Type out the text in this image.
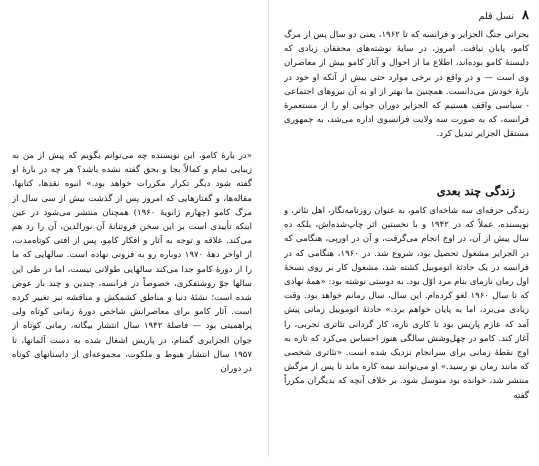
۸
نسل قلم

بحرانی جنگ الجزایر و فرانسه که تا ۱۹۶۲، یعنی دو سال پس از مرگ کامو، پایان نیافت. امروز، در سایهٔ نوشته‌های محققان زیادی که دلبستهٔ کامو بوده‌اند، اطلاع ما از احوال و آثار کامو بیش از معاصران وی است — و در واقع در برخی موارد حتی بیش از آنکه او خود در بارهٔ خودش می‌دانست. همچنین ما بهتر از او به آن نیروهای اجتماعی - سیاسی واقف هستیم که الجزایر دوران جوانی او را از مستعمرهٔ فرانسه، که به صورت سه ولایت فرانسوی اداره می‌شد، به جمهوری مستقل الجزایر تبدیل کرد.

زندگی چند بعدی

زندگی حرفه‌ای سه شاخه‌ای کامو، به عنوان روزنامه‌نگار، اهل تئاتر، و نویسنده، عملاً که در ۱۹۴۲ و با نخستین اثر چاپ‌شده‌اش، بلکه ده سال پیش از آن، در اوج انجام می‌گرفت، و آن در اورپی، هنگامی که در الجزایر مشغول تحصیل بود، شروع شد. در ۱۹۶۰، هنگامی که در فرانسه در یک حادثهٔ اتوموبیل کشته شد، مشغول کار بر روی نسخهٔ اول رمان نازمای بنام مرد اوّل بود. به دوستی نوشته بود: «همهٔ نهادی که تا سال ۱۹۶۰ لغو کرده‌ام. این سال، سال رمانم خواهد بود. وقت زیادی می‌برد، اما به پایان خواهم برد.» حادثهٔ اتوموبیل زمانی پیش آمد که عازم پاریس بود تا کاری تازه، کار گردانی تئاتری تجربی، را آغاز کند. کامو در چهل‌وشش سالگی هنوز احساس می‌کرد که تازه به اوج نقطهٔ زمانی برای سرانجام نزدیک شده است. «تئاتری شخصی که مانند رمان نو رسید.» او می‌توانند نیمه کاره ماند تا پس از مرگش منتشر شد، خوانده بود متوسل شود. بر خلاف آنچه که بدیگران مکرراً گفته

«در بارهٔ کامو، این نویسنده چه می‌توانم بگویم که پیش از من به زیبایی تمام و کمالاً بجا و بحق گفته نشده باشد؟ هر چه در بارهٔ او گفته شود دیگر تکرار مکررات خواهد بود.» انبوه نقدها، کتابها، مقاله‌ها، و گفتارهایی که امروز پس از گذشت بیش از سی سال از مرگ کامو (چهارم ژانویهٔ ۱۹۶۰) همچنان منتشر می‌شود در عین اینکه تأییدی است بر این سخن فروتنانهٔ آن نورالدین، آن را رد هم می‌کند. علاقه و توجه به آثار و افکار کامو، پس از افتی کوتاه‌مدت، از اواخر دههٔ ۱۹۷۰ دوباره رو به فزونی نهاده است. سالهایی که ما را از دورهٔ کامو جدا می‌کند سالهایی طولانی نیست، اما در طی این سالها جوّ روشنفکری، خصوصاً در فرانسه، چندین و چند بار عوض شده است؛ نشئهٔ دنیا و مناطق کشمکش و مناقشه نیز تغییر کرده است. آثار کامو برای معاصرانش شاخص دورهٔ زمانی کوتاه ولی پراهمیتی بود — فاصلهٔ ۱۹۴۲ سال انتشار بیگانه، رمانی کوتاه از جوان الجزایری گمنام، در پاریس اشغال شده به دست آلمانها، تا ۱۹۵۷ سال انتشار هبوط و ملکوت، مجموعه‌ای از داستانهای کوتاه در دوران
